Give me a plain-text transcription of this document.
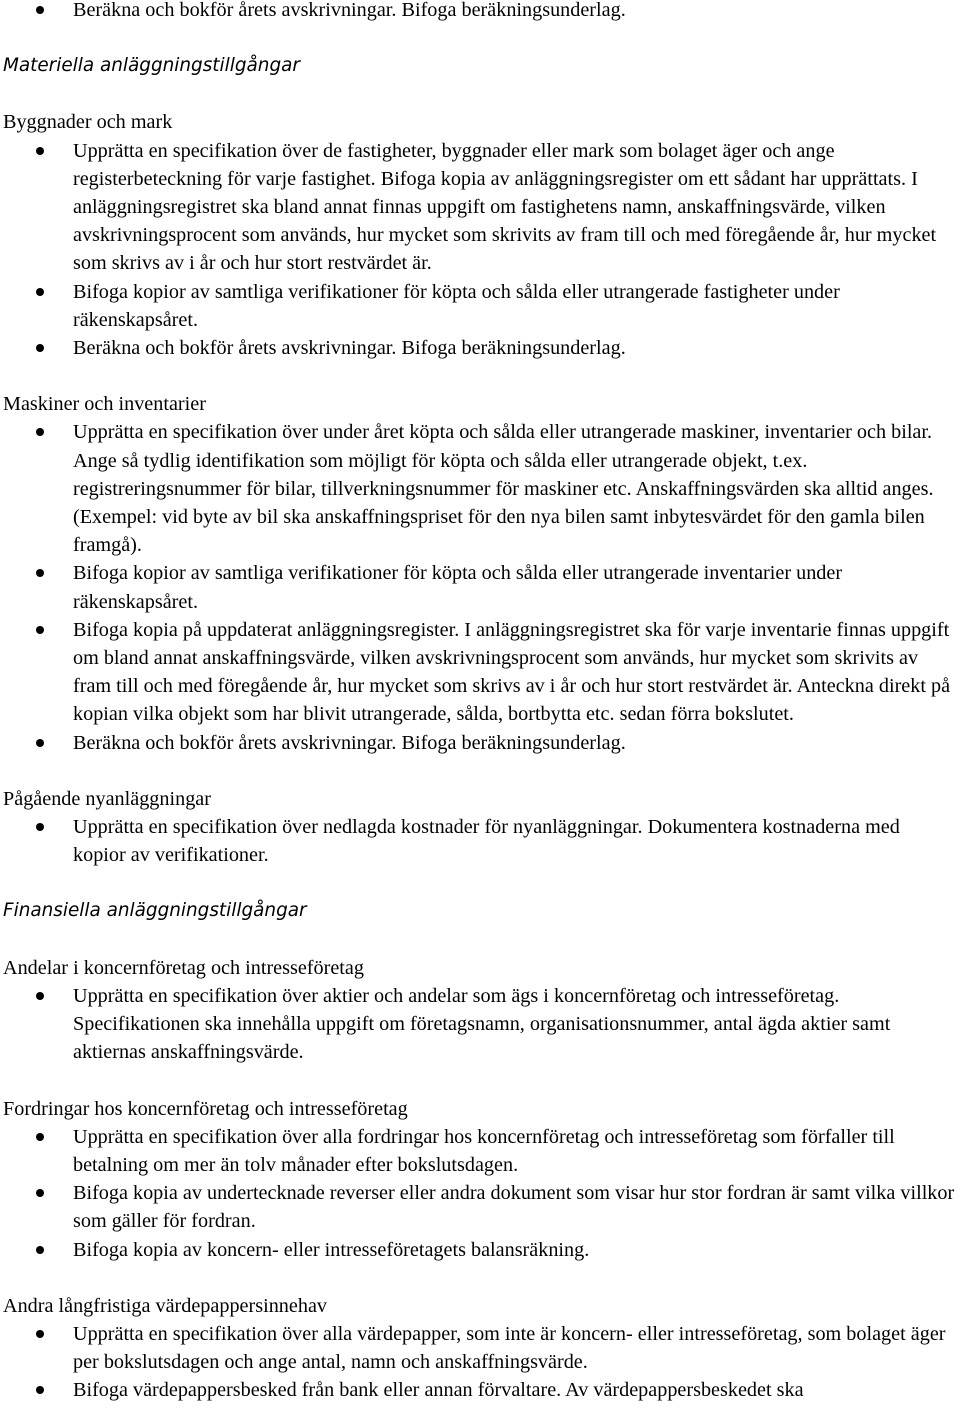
Beräkna och bokför årets avskrivningar. Bifoga beräkningsunderlag.

Materiella anläggningstillgångar
Byggnader och mark

Upprätta en specifikation över de fastigheter, byggnader eller mark som bolaget äger och ange registerbeteckning för varje fastighet. Bifoga kopia av anläggningsregister om ett sådant har upprättats. I anläggningsregistret ska bland annat finnas uppgift om fastighetens namn, anskaffningsvärde, vilken avskrivningsprocent som används, hur mycket som skrivits av fram till och med föregående år, hur mycket som skrivs av i år och hur stort restvärdet är.

Bifoga kopior av samtliga verifikationer för köpta och sålda eller utrangerade fastigheter under räkenskapsåret.

Beräkna och bokför årets avskrivningar. Bifoga beräkningsunderlag.

Maskiner och inventarier

Upprätta en specifikation över under året köpta och sålda eller utrangerade maskiner, inventarier och bilar. Ange så tydlig identifikation som möjligt för köpta och sålda eller utrangerade objekt, t.ex. registreringsnummer för bilar, tillverkningsnummer för maskiner etc. Anskaffningsvärden ska alltid anges. (Exempel: vid byte av bil ska anskaffningspriset för den nya bilen samt inbytesvärdet för den gamla bilen framgå).

Bifoga kopior av samtliga verifikationer för köpta och sålda eller utrangerade inventarier under räkenskapsåret.

Bifoga kopia på uppdaterat anläggningsregister. I anläggningsregistret ska för varje inventarie finnas uppgift om bland annat anskaffningsvärde, vilken avskrivningsprocent som används, hur mycket som skrivits av fram till och med föregående år, hur mycket som skrivs av i år och hur stort restvärdet är. Anteckna direkt på kopian vilka objekt som har blivit utrangerade, sålda, bortbytta etc. sedan förra bokslutet.

Beräkna och bokför årets avskrivningar. Bifoga beräkningsunderlag.

Pågående nyanläggningar

Upprätta en specifikation över nedlagda kostnader för nyanläggningar. Dokumentera kostnaderna med kopior av verifikationer.

Finansiella anläggningstillgångar
Andelar i koncernföretag och intresseföretag

Upprätta en specifikation över aktier och andelar som ägs i koncernföretag och intresseföretag. Specifikationen ska innehålla uppgift om företagsnamn, organisationsnummer, antal ägda aktier samt aktiernas anskaffningsvärde.

Fordringar hos koncernföretag och intresseföretag

Upprätta en specifikation över alla fordringar hos koncernföretag och intresseföretag som förfaller till betalning om mer än tolv månader efter bokslutsdagen.

Bifoga kopia av undertecknade reverser eller andra dokument som visar hur stor fordran är samt vilka villkor som gäller för fordran.

Bifoga kopia av koncern- eller intresseföretagets balansräkning.

Andra långfristiga värdepappersinnehav

Upprätta en specifikation över alla värdepapper, som inte är koncern- eller intresseföretag, som bolaget äger per bokslutsdagen och ange antal, namn och anskaffningsvärde.

Bifoga värdepappersbesked från bank eller annan förvaltare. Av värdepappersbeskedet ska
